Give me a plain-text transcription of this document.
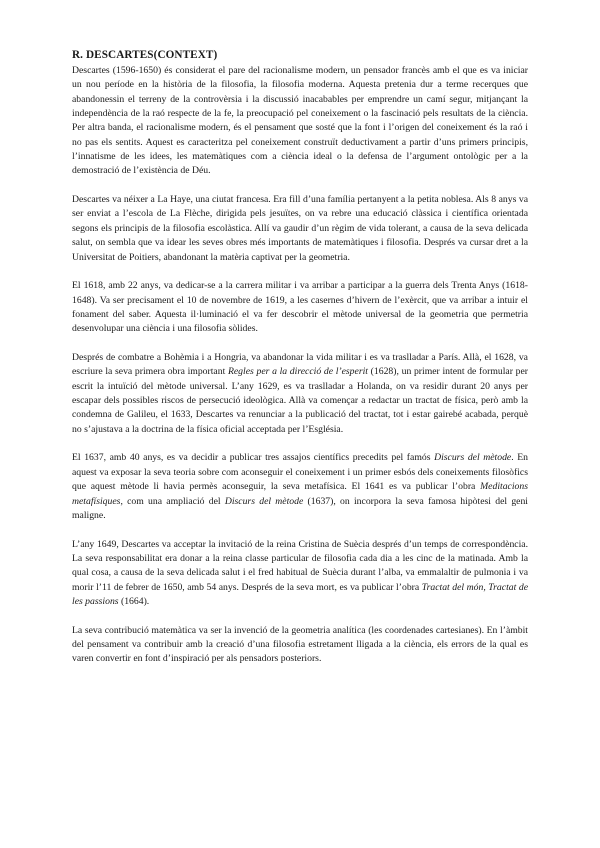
R. DESCARTES(CONTEXT)

Descartes (1596-1650) és considerat el pare del racionalisme modern, un pensador francès amb el que es va iniciar un nou període en la història de la filosofia, la filosofia moderna. Aquesta pretenia dur a terme recerques que abandonessin el terreny de la controvèrsia i la discussió inacabables per emprendre un camí segur, mitjançant la independència de la raó respecte de la fe, la preocupació pel coneixement o la fascinació pels resultats de la ciència. Per altra banda, el racionalisme modern, és el pensament que sosté que la font i l’origen del coneixement és la raó i no pas els sentits. Aquest es caracteritza pel coneixement construït deductivament a partir d’uns primers principis, l’innatisme de les idees, les matemàtiques com a ciència ideal o la defensa de l’argument ontològic per a la demostració de l’existència de Déu.

Descartes va néixer a La Haye, una ciutat francesa. Era fill d’una família pertanyent a la petita noblesa. Als 8 anys va ser enviat a l’escola de La Flèche, dirigida pels jesuïtes, on va rebre una educació clàssica i científica orientada segons els principis de la filosofia escolàstica. Allí va gaudir d’un règim de vida tolerant, a causa de la seva delicada salut, on sembla que va idear les seves obres més importants de matemàtiques i filosofia. Després va cursar dret a la Universitat de Poitiers, abandonant la matèria captivat per la geometria.

El 1618, amb 22 anys, va dedicar-se a la carrera militar i va arribar a participar a la guerra dels Trenta Anys (1618-1648). Va ser precisament el 10 de novembre de 1619, a les casernes d’hivern de l’exèrcit, que va arribar a intuir el fonament del saber. Aquesta il·luminació el va fer descobrir el mètode universal de la geometria que permetria desenvolupar una ciència i una filosofia sòlides.

Després de combatre a Bohèmia i a Hongria, va abandonar la vida militar i es va traslladar a París. Allà, el 1628, va escriure la seva primera obra important Regles per a la direcció de l’esperit (1628), un primer intent de formular per escrit la intuïció del mètode universal. L’any 1629, es va traslladar a Holanda, on va residir durant 20 anys per escapar dels possibles riscos de persecució ideològica. Allà va començar a redactar un tractat de física, però amb la condemna de Galileu, el 1633, Descartes va renunciar a la publicació del tractat, tot i estar gairebé acabada, perquè no s’ajustava a la doctrina de la física oficial acceptada per l’Església.

El 1637, amb 40 anys, es va decidir a publicar tres assajos científics precedits pel famós Discurs del mètode. En aquest va exposar la seva teoria sobre com aconseguir el coneixement i un primer esbós dels coneixements filosòfics que aquest mètode li havia permès aconseguir, la seva metafísica. El 1641 es va publicar l’obra Meditacions metafísiques, com una ampliació del Discurs del mètode (1637), on incorpora la seva famosa hipòtesi del geni maligne.

L’any 1649, Descartes va acceptar la invitació de la reina Cristina de Suècia després d’un temps de correspondència. La seva responsabilitat era donar a la reina classe particular de filosofia cada dia a les cinc de la matinada. Amb la qual cosa, a causa de la seva delicada salut i el fred habitual de Suècia durant l’alba, va emmalaltir de pulmonia i va morir l’11 de febrer de 1650, amb 54 anys. Després de la seva mort, es va publicar l’obra Tractat del món, Tractat de les passions (1664).

La seva contribució matemàtica va ser la invenció de la geometria analítica (les coordenades cartesianes). En l’àmbit del pensament va contribuir amb la creació d’una filosofia estretament lligada a la ciència, els errors de la qual es varen convertir en font d’inspiració per als pensadors posteriors.
